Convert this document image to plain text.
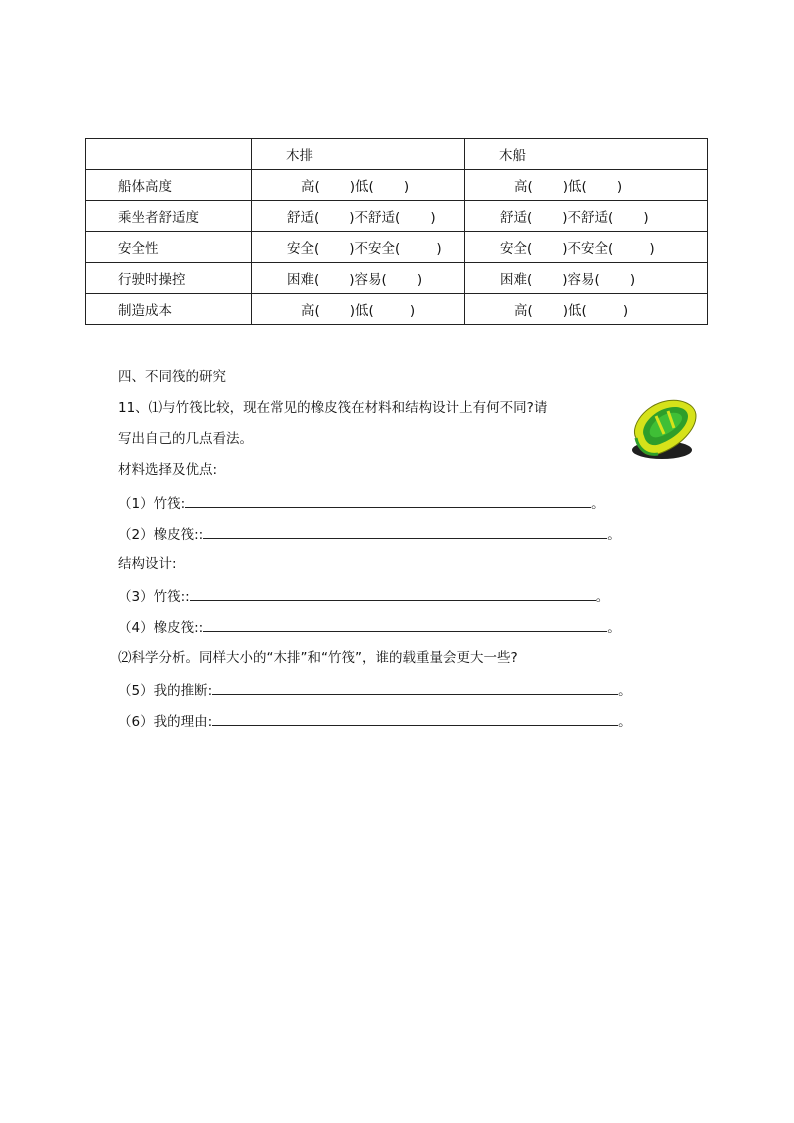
	木排	木船
船体高度	高( )低( )	高( )低( )
乘坐者舒适度	舒适( )不舒适( )	舒适( )不舒适( )
安全性	安全( )不安全( )	安全( )不安全( )
行驶时操控	困难( )容易( )	困难( )容易( )
制造成本	高( )低( )	高( )低( )
四、不同筏的研究
11、⑴与竹筏比较，现在常见的橡皮筏在材料和结构设计上有何不同?请
写出自己的几点看法。
材料选择及优点:
（1）竹筏:	。
（2）橡皮筏::	。
结构设计:
（3）竹筏::	。
（4）橡皮筏::	。
⑵科学分析。同样大小的“木排”和“竹筏”，谁的载重量会更大一些?
（5）我的推断:	。
（6）我的理由:	。
